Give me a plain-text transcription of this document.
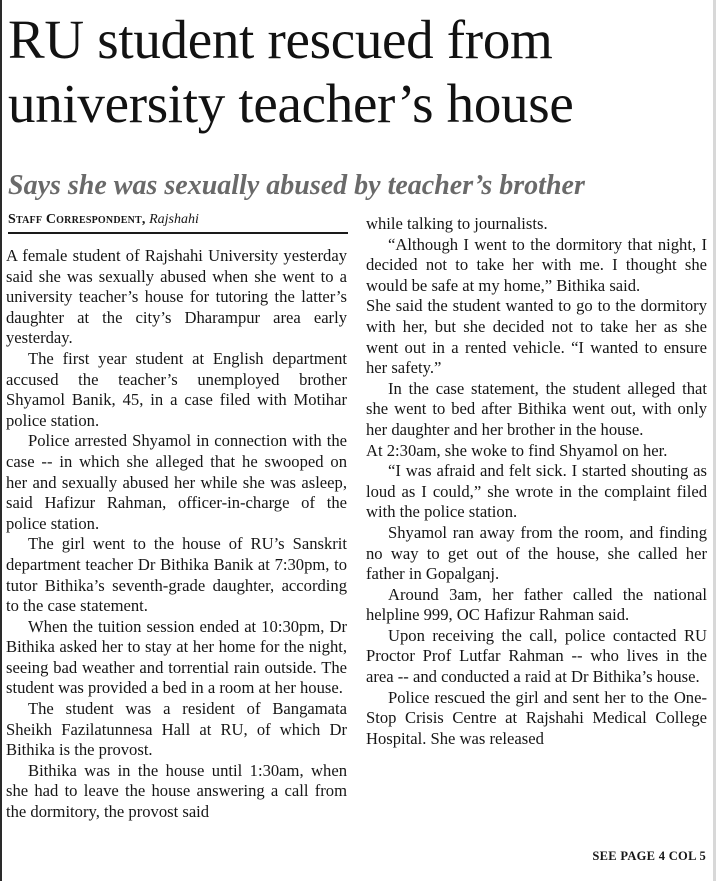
RU student rescued from university teacher’s house
Says she was sexually abused by teacher’s brother
Staff Correspondent, Rajshahi

A female student of Rajshahi University yesterday said she was sexually abused when she went to a university teacher’s house for tutoring the latter’s daughter at the city’s Dharampur area early yesterday.

The first year student at English department accused the teacher’s unemployed brother Shyamol Banik, 45, in a case filed with Motihar police station.

Police arrested Shyamol in connection with the case -- in which she alleged that he swooped on her and sexually abused her while she was asleep, said Hafizur Rahman, officer-in-charge of the police station.

The girl went to the house of RU’s Sanskrit department teacher Dr Bithika Banik at 7:30pm, to tutor Bithika’s seventh-grade daughter, according to the case statement.

When the tuition session ended at 10:30pm, Dr Bithika asked her to stay at her home for the night, seeing bad weather and torrential rain outside. The student was provided a bed in a room at her house.

The student was a resident of Bangamata Sheikh Fazilatunnesa Hall at RU, of which Dr Bithika is the provost.

Bithika was in the house until 1:30am, when she had to leave the house answering a call from the dormitory, the provost said

while talking to journalists.

“Although I went to the dormitory that night, I decided not to take her with me. I thought she would be safe at my home,” Bithika said.

She said the student wanted to go to the dormitory with her, but she decided not to take her as she went out in a rented vehicle. “I wanted to ensure her safety.”

In the case statement, the student alleged that she went to bed after Bithika went out, with only her daughter and her brother in the house.

At 2:30am, she woke to find Shyamol on her.

“I was afraid and felt sick. I started shouting as loud as I could,” she wrote in the complaint filed with the police station.

Shyamol ran away from the room, and finding no way to get out of the house, she called her father in Gopalganj.

Around 3am, her father called the national helpline 999, OC Hafizur Rahman said.

Upon receiving the call, police contacted RU Proctor Prof Lutfar Rahman -- who lives in the area -- and conducted a raid at Dr Bithika’s house.

Police rescued the girl and sent her to the One-Stop Crisis Centre at Rajshahi Medical College Hospital. She was released

SEE PAGE 4 COL 5
